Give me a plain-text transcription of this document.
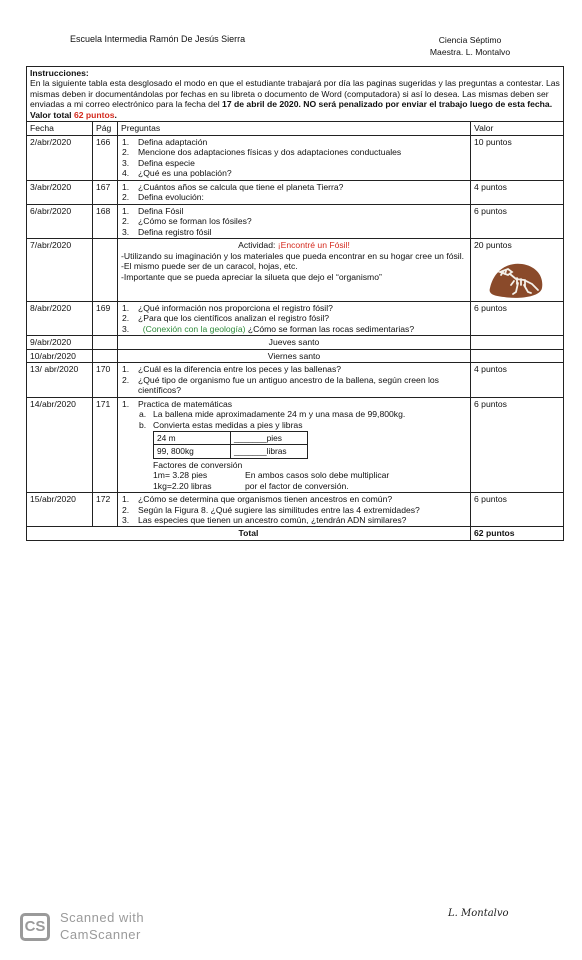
Escuela Intermedia Ramón De Jesús Sierra	Ciencia Séptimo
Maestra. L. Montalvo

Instrucciones:

En la siguiente tabla esta desglosado el modo en que el estudiante trabajará por día las paginas sugeridas y las preguntas a contestar. Las mismas deben ir documentándolas por fechas en su libreta o documento de Word (computadora) si así lo desea. Las mismas deben ser enviadas a mi correo electrónico para la fecha del 17 de abril de 2020. NO será penalizado por enviar el trabajo luego de esta fecha. Valor total 62 puntos.

Fecha	Pág	Preguntas	Valor
2/abr/2020	166	1.	Defina adaptación
2.	Mencione dos adaptaciones físicas y dos adaptaciones conductuales
3.	Defina especie
4.	¿Qué es una población?
	10 puntos
3/abr/2020	167	1.	¿Cuántos años se calcula que tiene el planeta Tierra?
2.	Defina evolución:
	4 puntos
6/abr/2020	168	1.	Defina Fósil
2.	¿Cómo se forman los fósiles?
3.	Defina registro fósil
	6 puntos
7/abr/2020		Actividad: ¡Encontré un Fósil!
-Utilizando su imaginación y los materiales que pueda encontrar en su hogar cree un fósil.
-El mismo puede ser de un caracol, hojas, etc.
-Importante que se pueda apreciar la silueta que dejo el “organismo”

20 puntos

8/abr/2020	169	1.	¿Qué información nos proporciona el registro fósil?
2.	¿Para que los científicos analizan el registro fósil?
3.	(Conexión con la geología) ¿Cómo se forman las rocas sedimentarias?
	6 puntos
9/abr/2020		Jueves santo	
10/abr/2020		Viernes santo	
13/ abr/2020	170	1.	¿Cuál es la diferencia entre los peces y las ballenas?
2.	¿Qué tipo de organismo fue un antiguo ancestro de la ballena, según creen los científicos?
	4 puntos
14/abr/2020	171	1.	Practica de matemáticas
a. La ballena mide aproximadamente 24 m y una masa de 99,800kg.
b. Convierta estas medidas a pies y libras
24 m	_______pies
99, 800kg	_______libras
Factores de conversión
1m= 3.28 pies	En ambos casos solo debe multiplicar
1kg=2.20 libras	por el factor de conversión.
	6 puntos
15/abr/2020	172	1.	¿Cómo se determina que organismos tienen ancestros en común?
2.	Según la Figura 8. ¿Qué sugiere las similitudes entre las 4 extremidades?
3.	Las especies que tienen un ancestro común, ¿tendrán ADN similares?
	6 puntos
Total	62 puntos
CS
Scanned with
CamScanner
L. Montalvo
